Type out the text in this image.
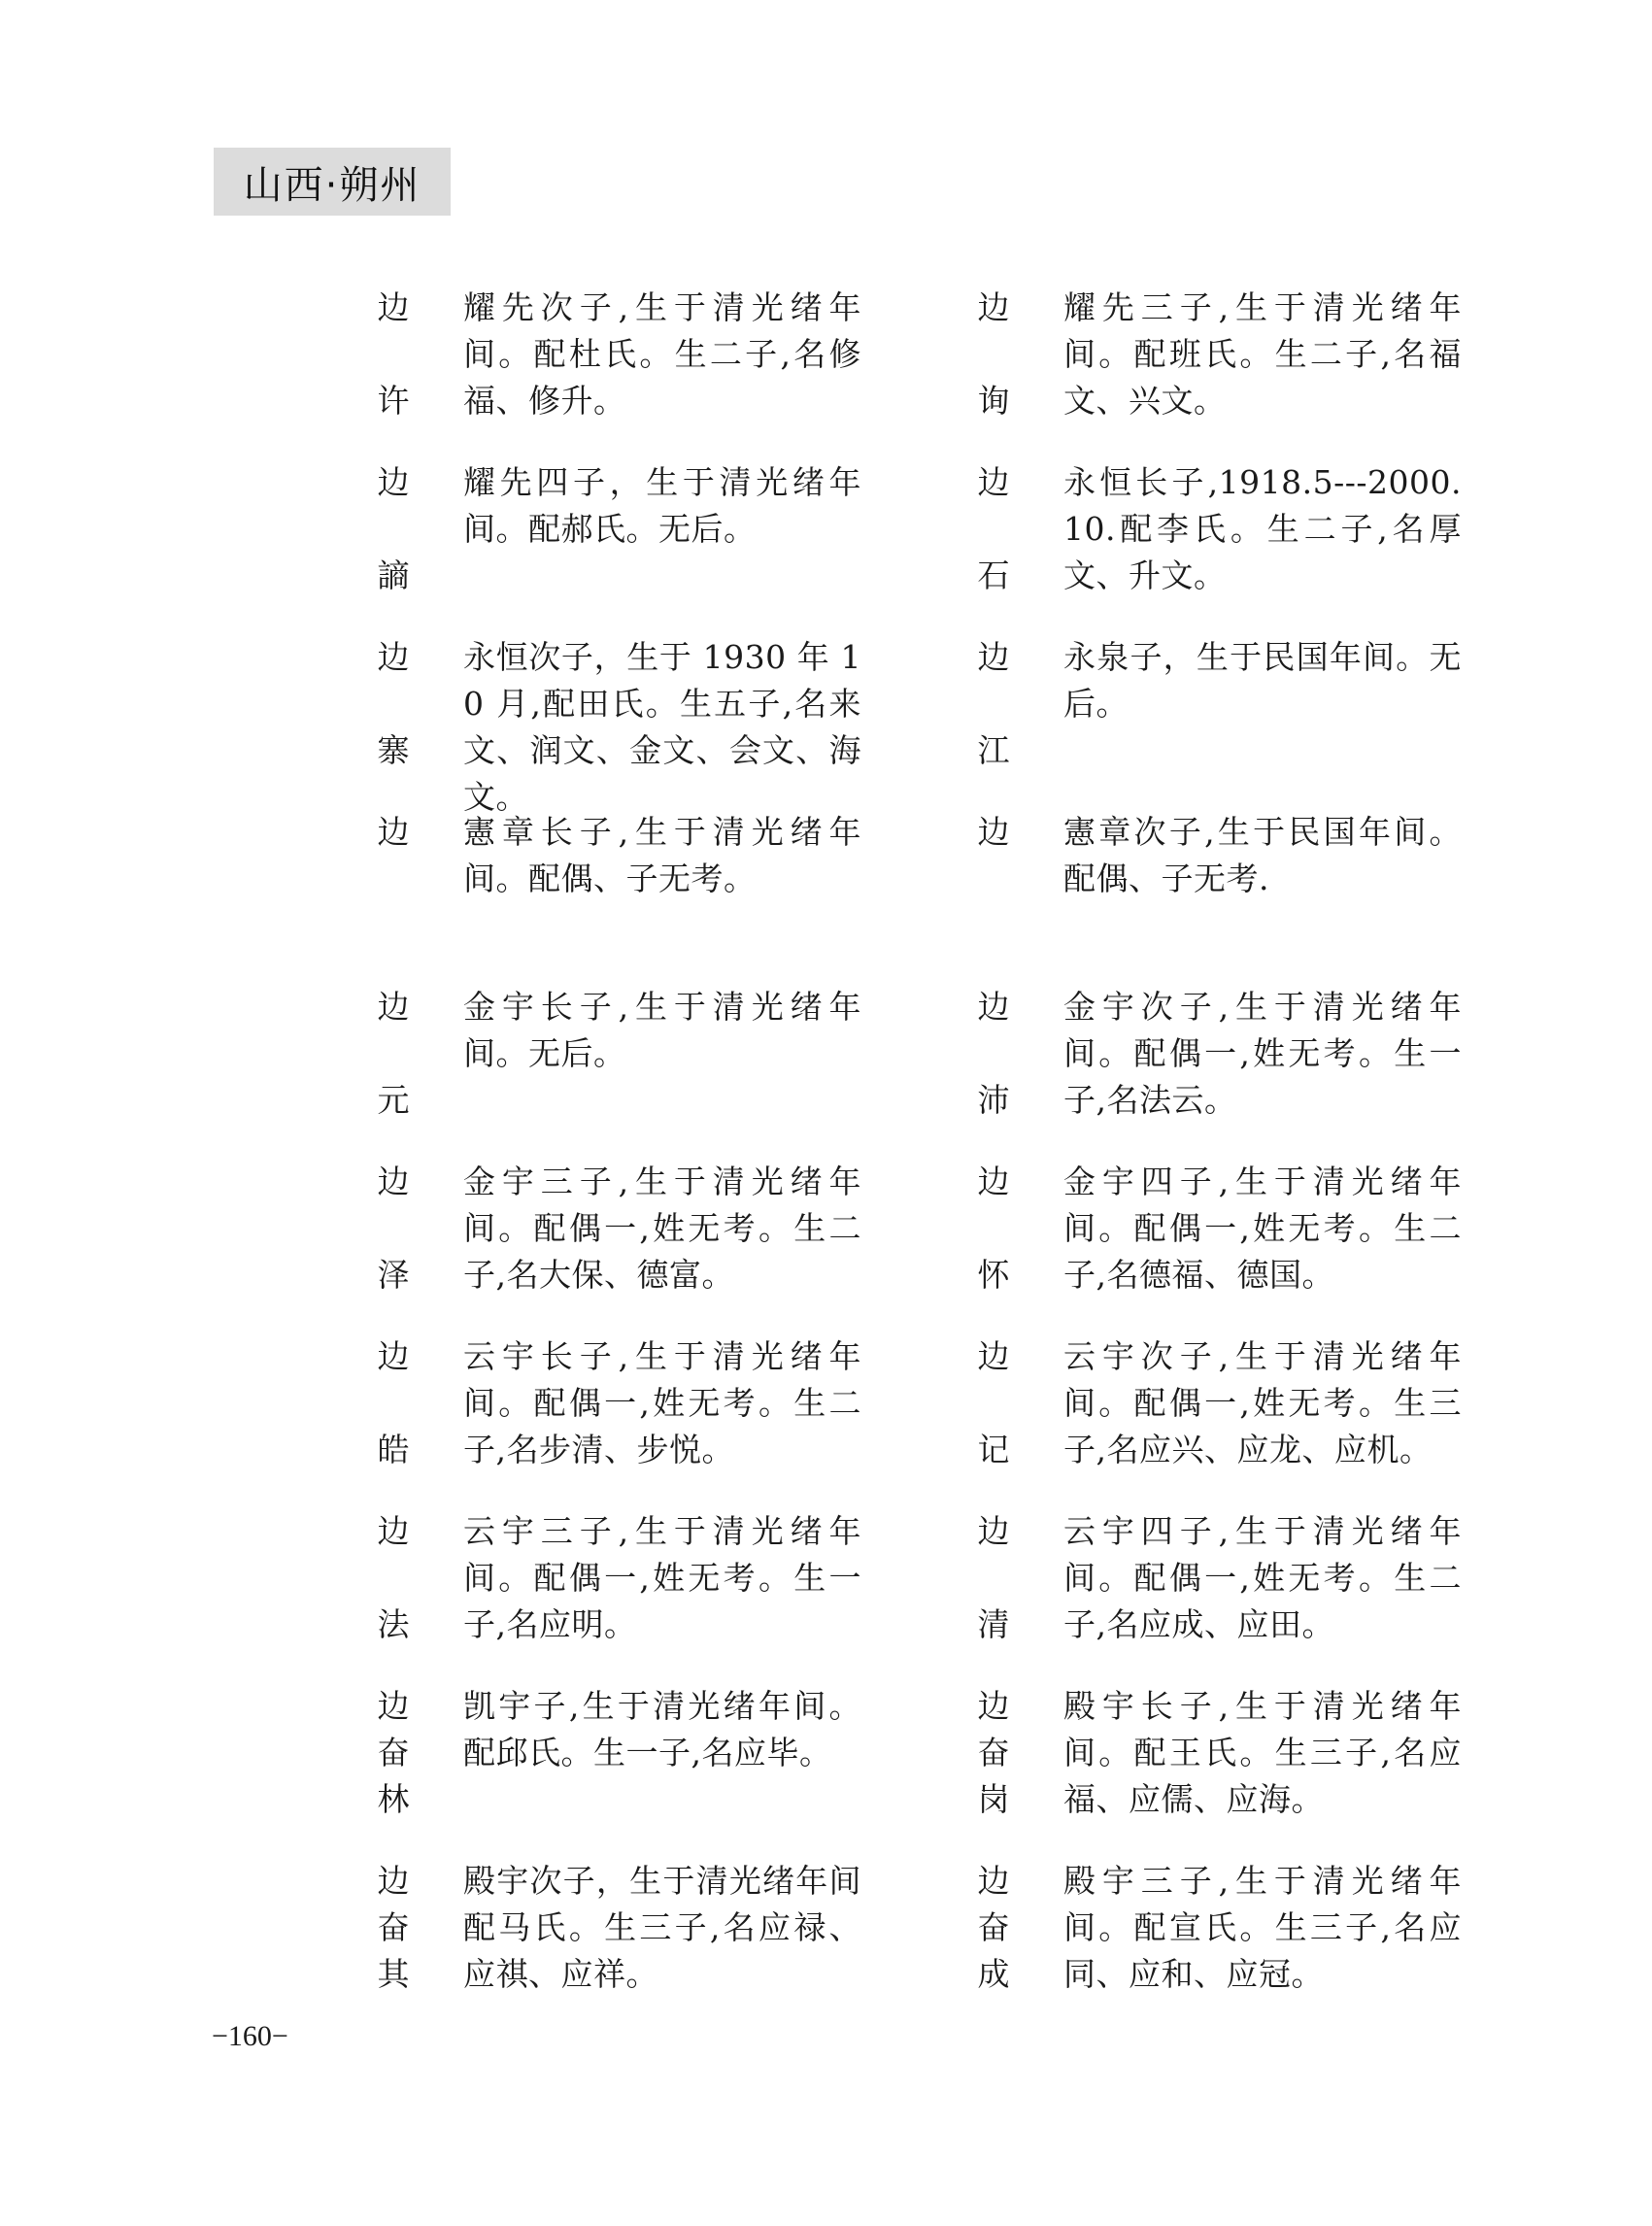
山西·朔州
边
许
耀先次子,生于清光绪年间。配杜氏。生二子,名修福、修升。
边
询
耀先三子,生于清光绪年间。配班氏。生二子,名福文、兴文。
边
謪
耀先四子，生于清光绪年间。配郝氏。无后。
边
石
永恒长子,1918.5---2000.10.配李氏。生二子,名厚文、升文。
边
寨
永恒次子，生于 1930 年 10 月,配田氏。生五子,名来文、润文、金文、会文、海文。
边
江
永泉子，生于民国年间。无后。
边 憲章长子,生于清光绪年间。配偶、子无考。
边 憲章次子,生于民国年间。配偶、子无考.
边
元
金宇长子,生于清光绪年间。无后。
边
沛
金宇次子,生于清光绪年间。配偶一,姓无考。生一子,名法云。
边
泽
金宇三子,生于清光绪年间。配偶一,姓无考。生二子,名大保、德富。
边
怀
金宇四子,生于清光绪年间。配偶一,姓无考。生二子,名德福、德国。
边
皓
云宇长子,生于清光绪年间。配偶一,姓无考。生二子,名步清、步悦。
边
记
云宇次子,生于清光绪年间。配偶一,姓无考。生三子,名应兴、应龙、应机。
边
法
云宇三子,生于清光绪年间。配偶一,姓无考。生一子,名应明。
边
清
云宇四子,生于清光绪年间。配偶一,姓无考。生二子,名应成、应田。
边
奋
林
凯宇子,生于清光绪年间。配邱氏。生一子,名应毕。
边
奋
岗
殿宇长子,生于清光绪年间。配王氏。生三子,名应福、应儒、应海。
边
奋
其
殿宇次子，生于清光绪年间配马氏。生三子,名应禄、应祺、应祥。
边
奋
成
殿宇三子,生于清光绪年间。配宣氏。生三子,名应同、应和、应冠。
−160−
